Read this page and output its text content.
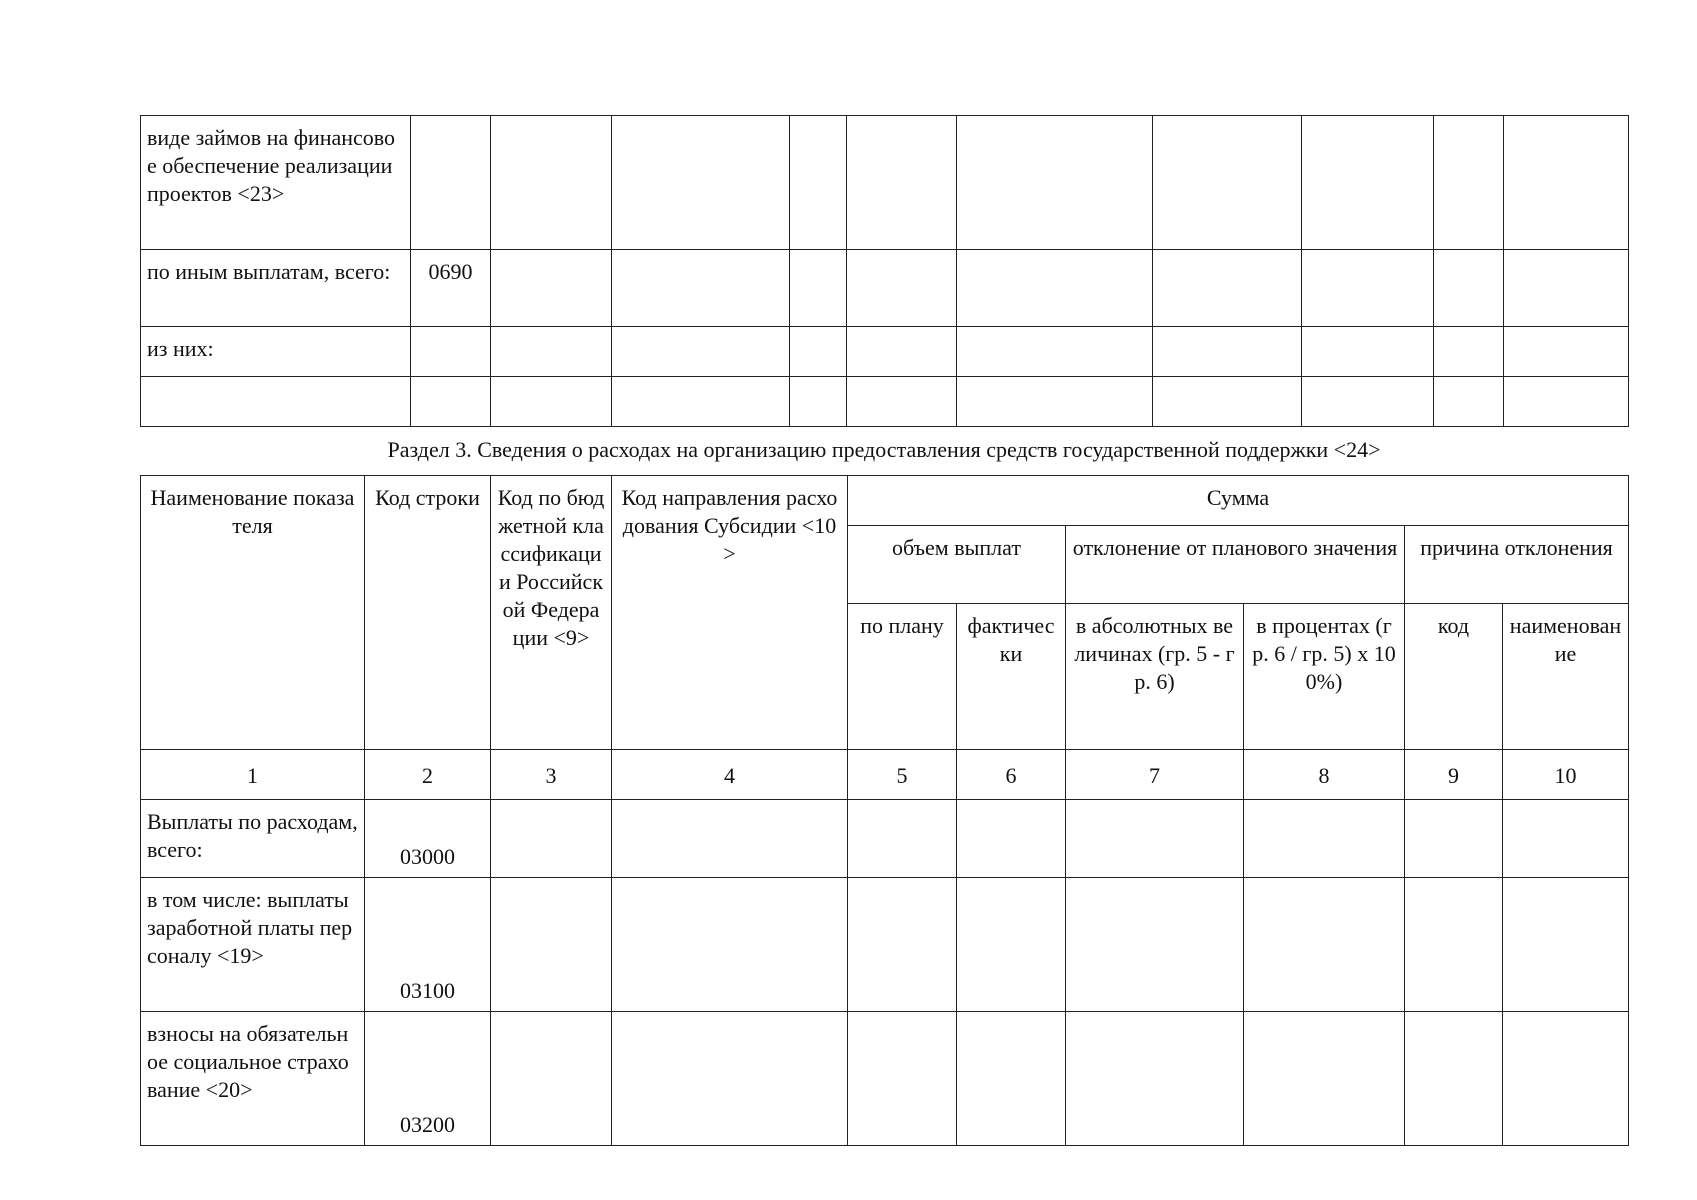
виде займов на финансовое обеспечение реализации проектов <23>										
по иным выплатам, всего:	0690									
из них:										

Раздел 3. Сведения о расходах на организацию предоставления средств государственной поддержки <24>
Наименование показателя	Код строки	Код по бюджетной классификации Российской Федерации <9>	Код направления расходования Субсидии <10>	Сумма					
				объем выплат		отклонение от планового значения		причина отклонения	
				по плану	фактически	в абсолютных величинах (гр. 5 - гр. 6)	в процентах (гр. 6 / гр. 5) x 100%)	код	наименование
1	2	3	4	5	6	7	8	9	10
Выплаты по расходам, всего:	03000								
в том числе: выплаты заработной платы персоналу <19>	03100								
взносы на обязательное социальное страхование <20>	03200								
